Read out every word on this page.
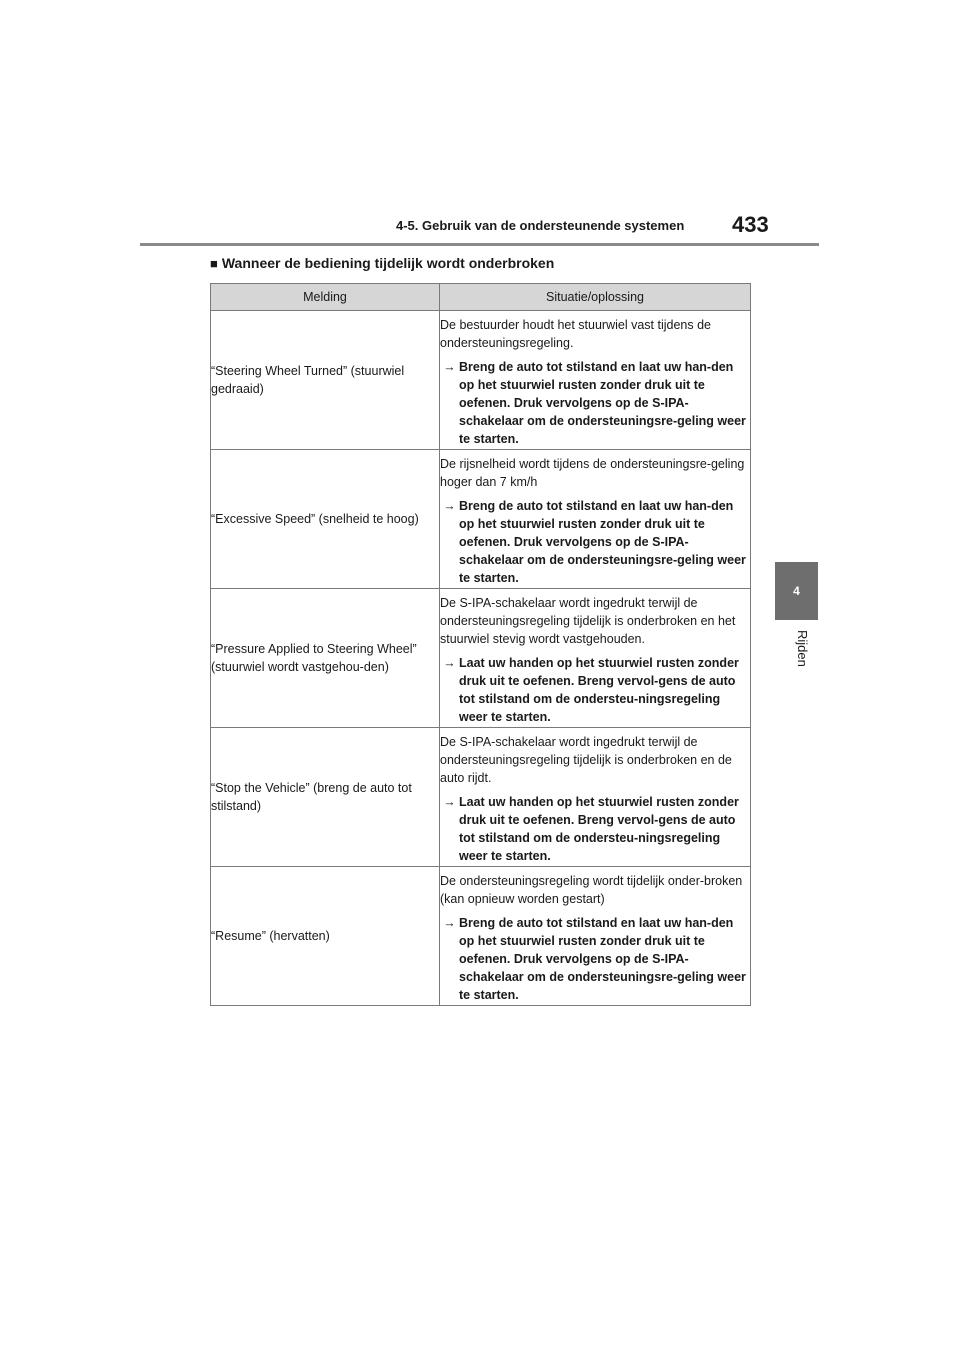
4-5. Gebruik van de ondersteunende systemen 433
4
Rijden
■ Wanneer de bediening tijdelijk wordt onderbroken
Melding	Situatie/oplossing
“Steering Wheel Turned” (stuurwiel gedraaid)	De bestuurder houdt het stuurwiel vast tijdens de ondersteuningsregeling.
→ Breng de auto tot stilstand en laat uw han-den op het stuurwiel rusten zonder druk uit te oefenen. Druk vervolgens op de S-IPA-schakelaar om de ondersteuningsre-geling weer te starten.

“Excessive Speed” (snelheid te hoog)	De rijsnelheid wordt tijdens de ondersteuningsre-geling hoger dan 7 km/h
→ Breng de auto tot stilstand en laat uw han-den op het stuurwiel rusten zonder druk uit te oefenen. Druk vervolgens op de S-IPA-schakelaar om de ondersteuningsre-geling weer te starten.

“Pressure Applied to Steering Wheel” (stuurwiel wordt vastgehou-den)	De S-IPA-schakelaar wordt ingedrukt terwijl de ondersteuningsregeling tijdelijk is onderbroken en het stuurwiel stevig wordt vastgehouden.
→ Laat uw handen op het stuurwiel rusten zonder druk uit te oefenen. Breng vervol-gens de auto tot stilstand om de ondersteu-ningsregeling weer te starten.

“Stop the Vehicle” (breng de auto tot stilstand)	De S-IPA-schakelaar wordt ingedrukt terwijl de ondersteuningsregeling tijdelijk is onderbroken en de auto rijdt.
→ Laat uw handen op het stuurwiel rusten zonder druk uit te oefenen. Breng vervol-gens de auto tot stilstand om de ondersteu-ningsregeling weer te starten.

“Resume” (hervatten)	De ondersteuningsregeling wordt tijdelijk onder-broken (kan opnieuw worden gestart)
→ Breng de auto tot stilstand en laat uw han-den op het stuurwiel rusten zonder druk uit te oefenen. Druk vervolgens op de S-IPA-schakelaar om de ondersteuningsre-geling weer te starten.
